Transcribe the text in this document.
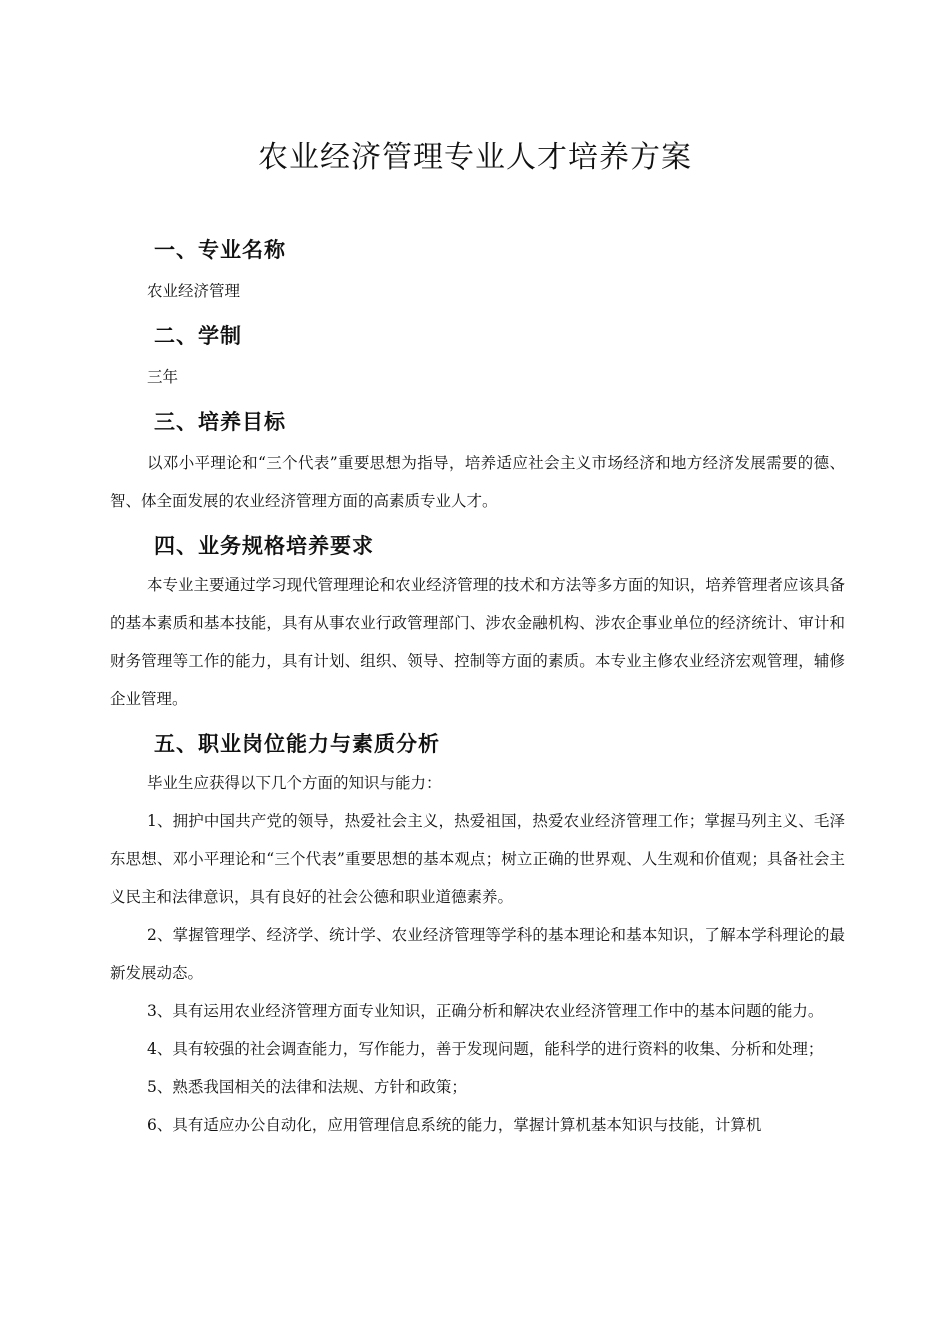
农业经济管理专业人才培养方案
一、专业名称

农业经济管理

二、学制

三年

三、培养目标

以邓小平理论和“三个代表”重要思想为指导，培养适应社会主义市场经济和地方经济发展需要的德、智、体全面发展的农业经济管理方面的高素质专业人才。

四、业务规格培养要求

本专业主要通过学习现代管理理论和农业经济管理的技术和方法等多方面的知识，培养管理者应该具备的基本素质和基本技能，具有从事农业行政管理部门、涉农金融机构、涉农企事业单位的经济统计、审计和财务管理等工作的能力，具有计划、组织、领导、控制等方面的素质。本专业主修农业经济宏观管理，辅修企业管理。

五、职业岗位能力与素质分析

毕业生应获得以下几个方面的知识与能力：

1、拥护中国共产党的领导，热爱社会主义，热爱祖国，热爱农业经济管理工作；掌握马列主义、毛泽东思想、邓小平理论和“三个代表”重要思想的基本观点；树立正确的世界观、人生观和价值观；具备社会主义民主和法律意识，具有良好的社会公德和职业道德素养。

2、掌握管理学、经济学、统计学、农业经济管理等学科的基本理论和基本知识，了解本学科理论的最新发展动态。

3、具有运用农业经济管理方面专业知识，正确分析和解决农业经济管理工作中的基本问题的能力。

4、具有较强的社会调查能力，写作能力，善于发现问题，能科学的进行资料的收集、分析和处理；

5、熟悉我国相关的法律和法规、方针和政策；

6、具有适应办公自动化，应用管理信息系统的能力，掌握计算机基本知识与技能，计算机
